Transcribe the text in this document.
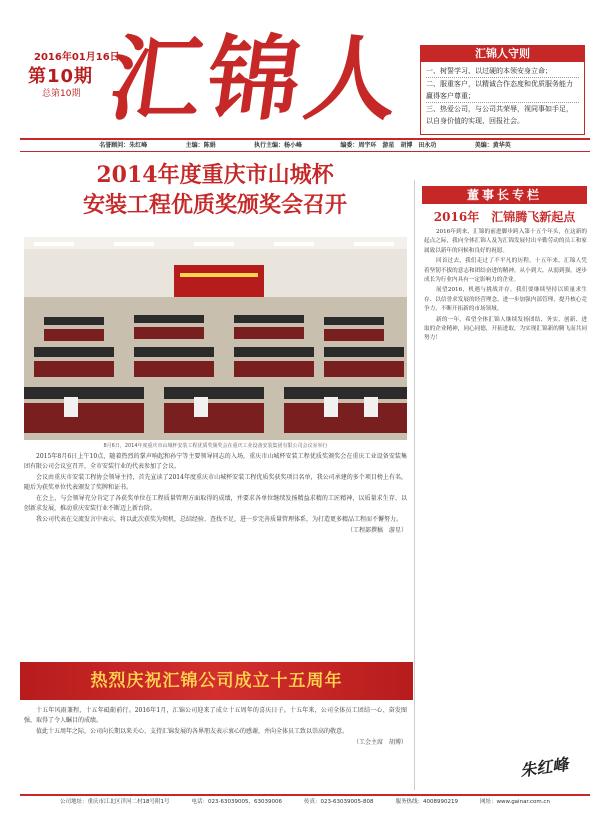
2016年01月16日
第10期
总第10期 汇锦人	汇锦人守则
一、树誓学习、以过硬的本领安身立命；
二、服重客户，以精诚合作态度和优质服务能力赢得客户尊重；
三、热爱公司，与公司共荣辱，视同事如手足，以自身价值的实现、回报社会。
名誉顾问：朱红峰	主编：陈娟	执行主编：杨小峰	编委：周宇环　游星　胡博　田永功	美编：黄华英
2014年度重庆市山城杯
安装工程优质奖颁奖会召开
8月6日，2014年度重庆市山城杯安装工程优质奖颁奖会在重庆工业设备安装集团有限公司会议室举行

2015年8月6日上午10点，随着热烈的掌声响起和孙宁等主要领导同志的入场，重庆市山城杯安装工程优质奖颁奖会在重庆工业设备安装集团有限公司会议室召开，全市安装行业的代表参加了会议。

会议由重庆市安装工程协会领导主持，首先宣读了2014年度重庆市山城杯安装工程优质奖获奖项目名单，我公司承建的多个项目榜上有名，随后为获奖单位代表颁发了奖牌和证书。

在会上，与会领导充分肯定了各获奖单位在工程质量管理方面取得的成绩，并要求各单位继续发扬精益求精的工匠精神，以质量求生存、以创新求发展，推动重庆安装行业不断迈上新台阶。

我公司代表在交流发言中表示，将以此次获奖为契机，总结经验、查找不足，进一步完善质量管理体系，为打造更多精品工程而不懈努力。

（工程部撰稿　游星）

热烈庆祝汇锦公司成立十五周年

十五年风雨兼程，十五年砥砺前行。2016年1月，汇锦公司迎来了成立十五周年的喜庆日子。十五年来，公司全体员工团结一心、奋发图强，取得了令人瞩目的成绩。

值此十五周年之际，公司向长期以来关心、支持汇锦发展的各界朋友表示衷心的感谢，并向全体员工致以崇高的敬意。

（工会主席　胡博）

董事长专栏
2016年　汇锦腾飞新起点

2016年到来，汇锦的前进脚步跨入第十五个年头，在这新的起点之际，我向全体汇锦人及为汇锦发展付出辛勤劳动的员工和家属致以新年的问候和良好的祝愿。

回首过去，我们走过了不平凡的历程。十五年来，汇锦人凭着坚韧不拔的意志和团结奋进的精神，从小到大、从弱到强，逐步成长为行业内具有一定影响力的企业。

展望2016，机遇与挑战并存。我们要继续坚持以质量求生存、以信誉求发展的经营理念，进一步加强内部管理，提升核心竞争力，不断开拓新的市场领域。

新的一年，希望全体汇锦人继续发扬团结、务实、创新、进取的企业精神，同心同德，开拓进取，为实现汇锦新的腾飞而共同努力！

朱红峰
公司地址：重庆市江北区洋河二村18号附1号	电话：023-63039005、63039006	传真：023-63039005-808	服务热线：4008990219	网址：www.gainar.com.cn
